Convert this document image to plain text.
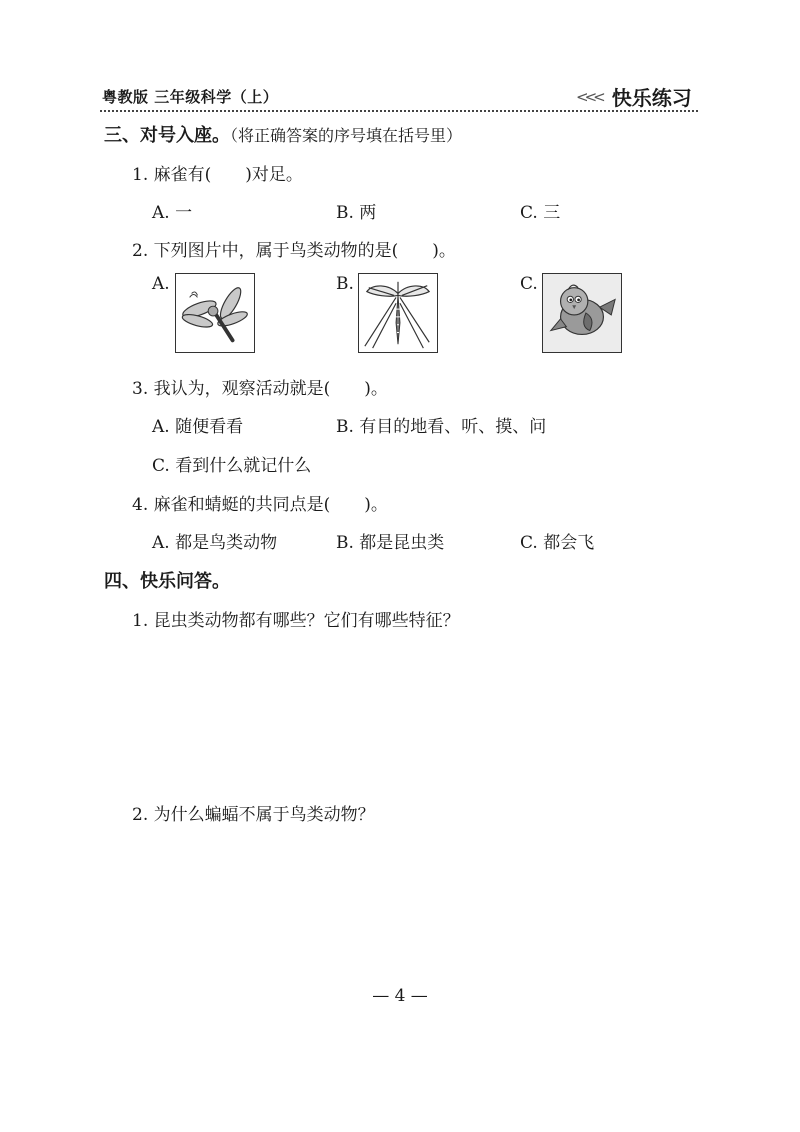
粤教版 三年级科学（上）	<<< 快乐练习
三、对号入座。（将正确答案的序号填在括号里）
1. 麻雀有(　　)对足。
A. 一	B. 两	C. 三
2. 下列图片中，属于鸟类动物的是(　　)。
A.	B.	C.
3. 我认为，观察活动就是(　　)。
A. 随便看看	B. 有目的地看、听、摸、问
C. 看到什么就记什么
4. 麻雀和蜻蜓的共同点是(　　)。
A. 都是鸟类动物	B. 都是昆虫类	C. 都会飞
四、快乐问答。
1. 昆虫类动物都有哪些？它们有哪些特征？
2. 为什么蝙蝠不属于鸟类动物？
— 4 —
